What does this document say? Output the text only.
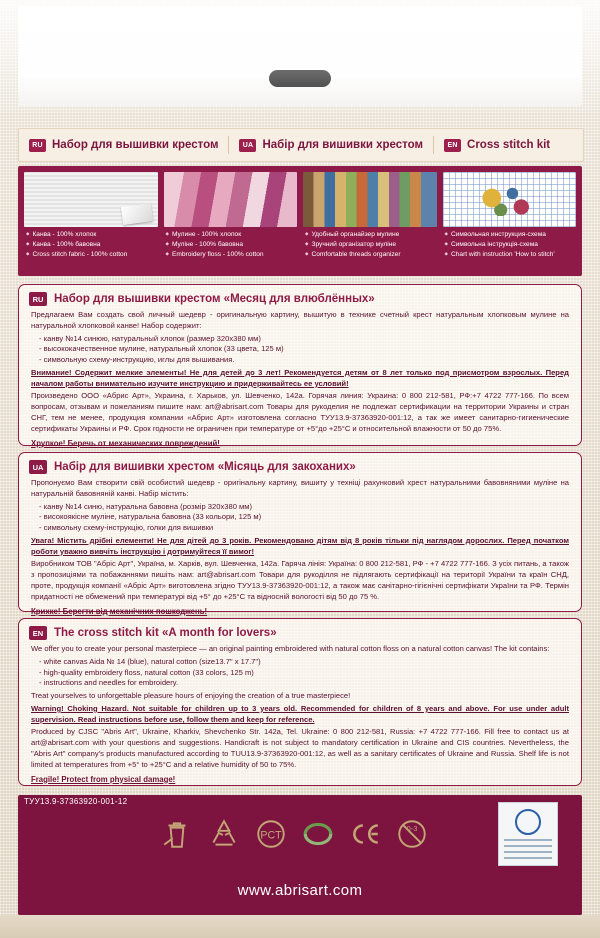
RU Набор для вышивки крестом	UA Набір для вишивки хрестом	EN Cross stitch kit
◆ Канва - 100% хлопок
◆ Канва - 100% бавовна
◆ Cross stitch fabric - 100% cotton
◆ Мулине - 100% хлопок
◆ Муліне - 100% бавовна
◆ Embroidery floss - 100% cotton
◆ Удобный органайзер мулине
◆ Зручний організатор муліне
◆ Comfortable threads organizer
◆ Символьная инструкция-схема
◆ Символьна інструкція-схема
◆ Chart with instruction 'How to stitch'
RU Набор для вышивки крестом «Месяц для влюблённых»

Предлагаем Вам создать свой личный шедевр - оригинальную картину, вышитую в технике счетный крест натуральным хлопковым мулине на натуральной хлопковой канве! Набор содержит:

- канву №14 синюю, натуральный хлопок (размер 320х380 мм)

- высококачественное мулине, натуральный хлопок (33 цвета, 125 м)

- символьную схему-инструкцию, иглы для вышивания.

Внимание! Содержит мелкие элементы! Не для детей до 3 лет! Рекомендуется детям от 8 лет только под присмотром взрослых. Перед началом работы внимательно изучите инструкцию и придерживайтесь ее условий!

Произведено ООО «Абрис Арт», Украина, г. Харьков, ул. Шевченко, 142а. Горячая линия: Украина: 0 800 212-581, РФ:+7 4722 777-166. По всем вопросам, отзывам и пожеланиям пишите нам: art@abrisart.com Товары для рукоделия не подлежат сертификации на территории Украины и стран СНГ, тем не менее, продукция компании «Абрис Арт» изготовлена согласно ТУУ13.9-37363920-001:12, а так же имеет санитарно-гигиенические сертификаты Украины и РФ. Срок годности не ограничен при температуре от +5°до +25°С и относительной влажности от 50 до 75%.

Хрупкое! Беречь от механических повреждений!

UA Набір для вишивки хрестом «Місяць для закоханих»

Пропонуємо Вам створити свій особистий шедевр - оригінальну картину, вишиту у техніці рахунковий хрест натуральними бавовняними муліне на натуральній бавовняній канві. Набір містить:

- канву №14 синю, натуральна бавовна (розмір 320х380 мм)

- високоякісне муліне, натуральна бавовна (33 кольори, 125 м)

- символьну схему-інструкцію, голки для вишивки

Увага! Містить дрібні елементи! Не для дітей до 3 років. Рекомендовано дітям від 8 років тільки під наглядом дорослих. Перед початком роботи уважно вивчіть інструкцію і дотримуйтеся її вимог!

Виробником ТОВ "Абріс Арт", Україна, м. Харків, вул. Шевченка, 142а. Гаряча лінія: Україна: 0 800 212-581, РФ - +7 4722 777-166. З усіх питань, а також з пропозиціями та побажаннями пишіть нам: art@abrisart.com Товари для рукоділля не підлягають сертифікації на території України та країн СНД, проте, продукція компанії «Абріс Арт» виготовлена згідно ТУУ13.9-37363920-001:12, а також має санітарно-гігієнічні сертифікати України та РФ. Термін придатності не обмежений при температурі від +5° до +25°С та відносній вологості від 50 до 75 %.

Крихке! Берегти від механічних пошкоджень!

EN The cross stitch kit «A month for lovers»

We offer you to create your personal masterpiece — an original painting embroidered with natural cotton floss on a natural cotton canvas! The kit contains:

- white canvas Aida № 14 (blue), natural cotton (size13.7" x 17.7")

- high-quality embroidery floss, natural cotton (33 colors, 125 m)

- instructions and needles for embroidery.

Treat yourselves to unforgettable pleasure hours of enjoying the creation of a true masterpiece!

Warning! Choking Hazard. Not suitable for children up to 3 years old. Recommended for children of 8 years and above. For use under adult supervision. Read instructions before use, follow them and keep for reference.

Produced by CJSC "Abris Art", Ukraine, Kharkiv, Shevchenko Str. 142a, Tel. Ukraine: 0 800 212-581, Russia: +7 4722 777-166. Fill free to contact us at art@abrisart.com with your questions and suggestions. Handicraft is not subject to mandatory certification in Ukraine and CIS countries. Nevertheless, the "Abris Art" company's products manufactured according to TUU13.9-37363920-001:12, as well as a sanitary certificates of Ukraine and Russia. Shelf life is not limited at temperatures from +5° to +25°C and a relative humidity of 50 to 75%.

Fragile! Protect from physical damage!

ТУУ13.9-37363920-001-12
PCT
0-3
www.abrisart.com
